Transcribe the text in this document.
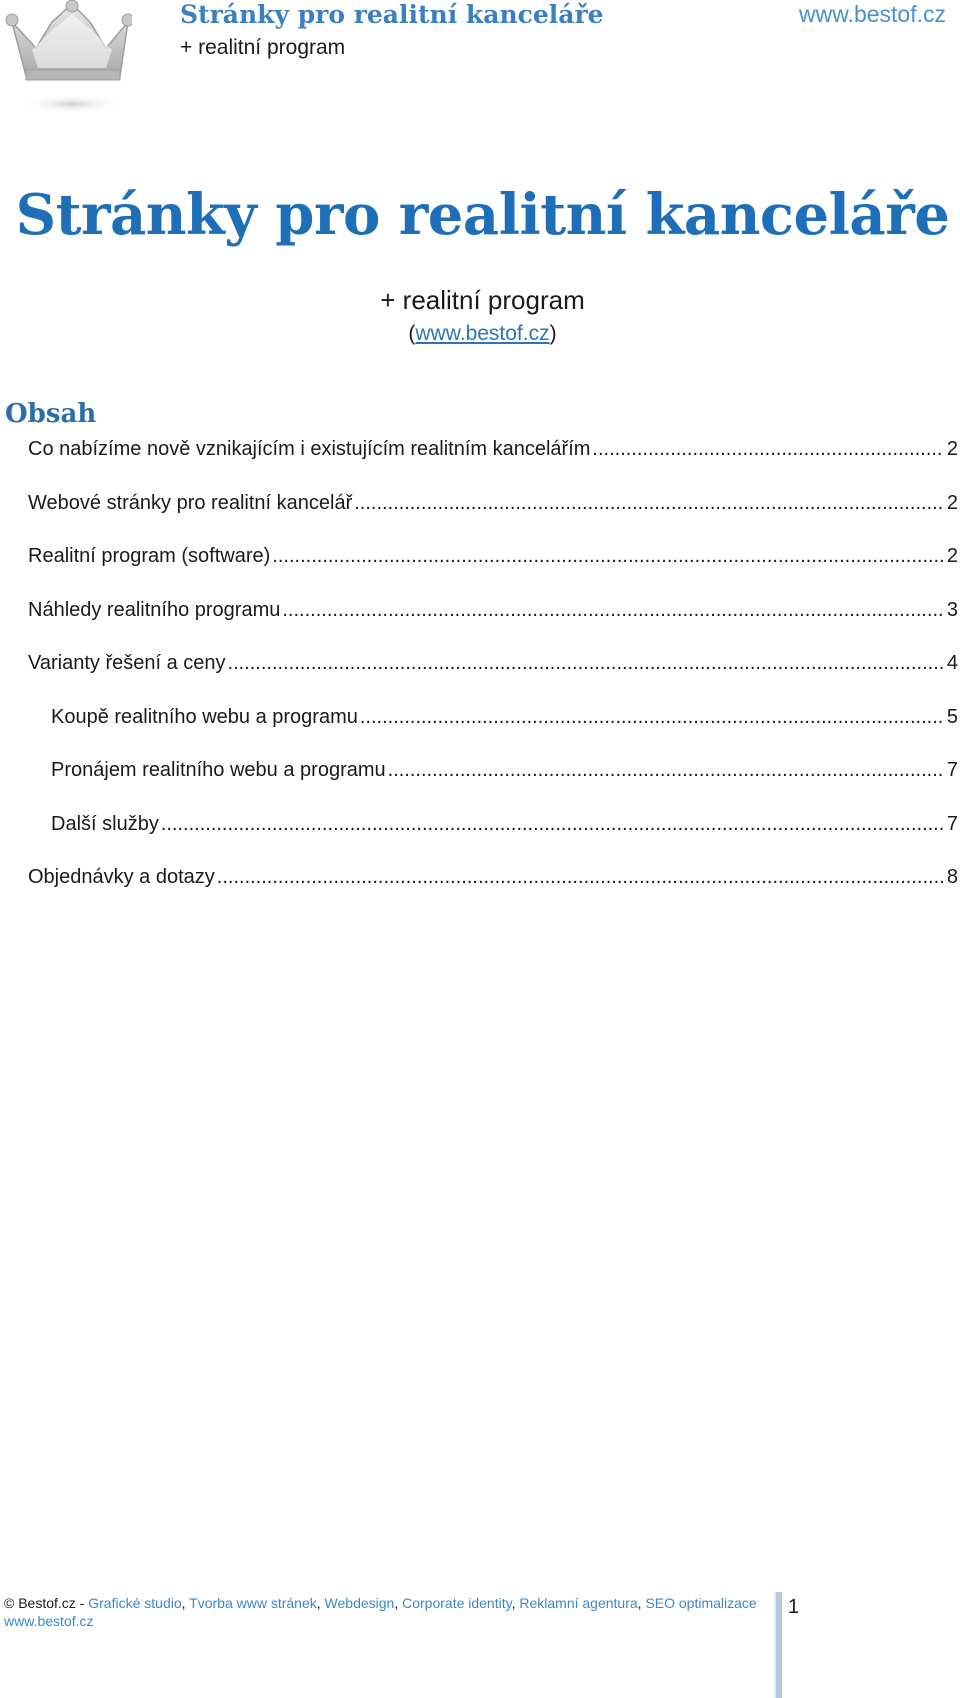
Stránky pro realitní kanceláře
+ realitní program
www.bestof.cz
Stránky pro realitní kanceláře
+ realitní program
(www.bestof.cz)
Obsah
Co nabízíme nově vznikajícím i existujícím realitním kancelářím .....	2
Webové stránky pro realitní kancelář .....	2
Realitní program (software) .....	2
Náhledy realitního programu .....	3
Varianty řešení a ceny .....	4
Koupě realitního webu a programu .....	5
Pronájem realitního webu a programu .....	7
Další služby .....	7
Objednávky a dotazy .....	8
© Bestof.cz - Grafické studio, Tvorba www stránek, Webdesign, Corporate identity, Reklamní agentura, SEO optimalizace
www.bestof.cz
1
